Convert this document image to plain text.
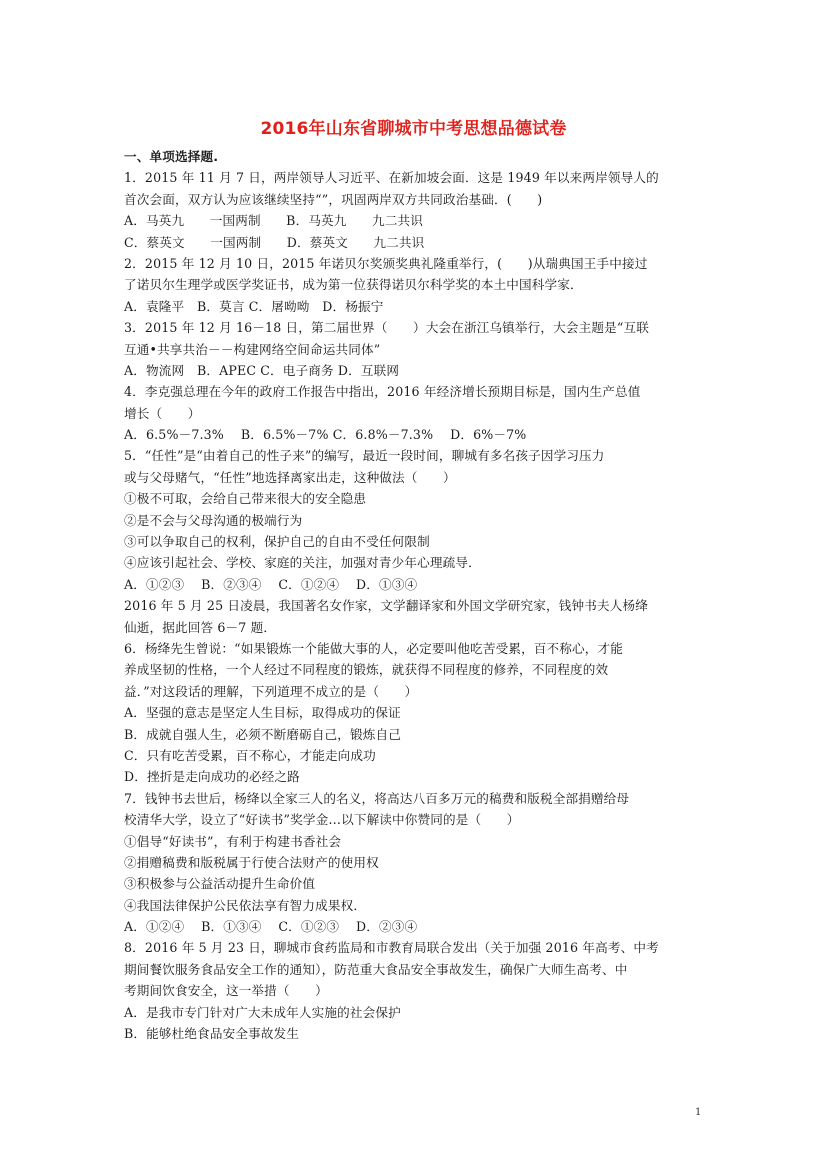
2016年山东省聊城市中考思想品德试卷
一、单项选择题.
1．2015 年 11 月 7 日，两岸领导人习近平、在新加坡会面．这是 1949 年以来两岸领导人的
首次会面，双方认为应该继续坚持“”，巩固两岸双方共同政治基础．(　　)
A．马英九　　一国两制　　B．马英九　　九二共识
C．蔡英文　　一国两制　　D．蔡英文　　九二共识
2．2015 年 12 月 10 日，2015 年诺贝尔奖颁奖典礼隆重举行，(　　)从瑞典国王手中接过
了诺贝尔生理学或医学奖证书，成为第一位获得诺贝尔科学奖的本土中国科学家．
A．袁隆平　B．莫言 C．屠呦呦　D．杨振宁
3．2015 年 12 月 16－18 日，第二届世界（　　）大会在浙江乌镇举行，大会主题是“互联
互通•共享共治－－构建网络空间命运共同体”
A．物流网　B．APEC C．电子商务 D．互联网
4．李克强总理在今年的政府工作报告中指出，2016 年经济增长预期目标是，国内生产总值
增长（　　）
A．6.5%－7.3%　 B．6.5%－7% C．6.8%－7.3%　 D．6%－7%
5．“任性”是“由着自己的性子来”的编写，最近一段时间，聊城有多名孩子因学习压力
或与父母赌气，“任性”地选择离家出走，这种做法（　　）
①极不可取，会给自己带来很大的安全隐患
②是不会与父母沟通的极端行为
③可以争取自己的权利，保护自己的自由不受任何限制
④应该引起社会、学校、家庭的关注，加强对青少年心理疏导．
A．①②③　 B．②③④　 C．①②④　 D．①③④
2016 年 5 月 25 日凌晨，我国著名女作家，文学翻译家和外国文学研究家，钱钟书夫人杨绛
仙逝，据此回答 6－7 题．
6．杨绛先生曾说：“如果锻炼一个能做大事的人，必定要叫他吃苦受累，百不称心，才能
养成坚韧的性格，一个人经过不同程度的锻炼，就获得不同程度的修养，不同程度的效
益．”对这段话的理解，下列道理不成立的是（　　）
A．坚强的意志是坚定人生目标，取得成功的保证
B．成就自强人生，必须不断磨砺自己，锻炼自己
C．只有吃苦受累，百不称心，才能走向成功
D．挫折是走向成功的必经之路
7．钱钟书去世后，杨绛以全家三人的名义，将高达八百多万元的稿费和版税全部捐赠给母
校清华大学，设立了“好读书”奖学金…以下解读中你赞同的是（　　）
①倡导“好读书”，有利于构建书香社会
②捐赠稿费和版税属于行使合法财产的使用权
③积极参与公益活动提升生命价值
④我国法律保护公民依法享有智力成果权．
A．①②④　 B．①③④　 C．①②③　 D．②③④
8．2016 年 5 月 23 日，聊城市食药监局和市教育局联合发出（关于加强 2016 年高考、中考
期间餐饮服务食品安全工作的通知），防范重大食品安全事故发生，确保广大师生高考、中
考期间饮食安全，这一举措（　　）
A．是我市专门针对广大未成年人实施的社会保护
B．能够杜绝食品安全事故发生
1
